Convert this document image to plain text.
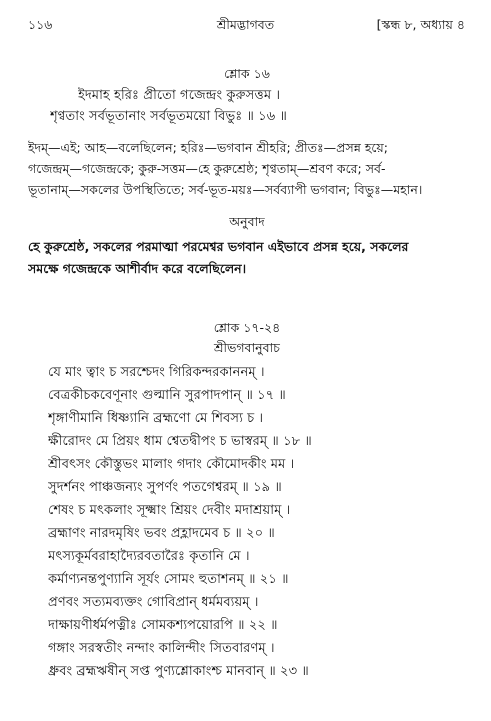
১১৬	শ্রীমদ্ভাগবত	[স্কন্ধ ৮, অধ্যায় ৪
শ্লোক ১৬
ইদমাহ হরিঃ প্রীতো গজেন্দ্রং কুরুসত্তম ।
শৃণ্বতাং সর্বভূতানাং সর্বভূতময়ো বিভুঃ ॥ ১৬ ॥
ইদম্—এই; আহ—বলেছিলেন; হরিঃ—ভগবান শ্রীহরি; প্রীতঃ—প্রসন্ন হয়ে;
গজেন্দ্রম্—গজেন্দ্রকে; কুরু-সত্তম—হে কুরুশ্রেষ্ঠ; শৃণ্বতাম্—শ্রবণ করে; সর্ব-
ভূতানাম্—সকলের উপস্থিতিতে; সর্ব-ভূত-ময়ঃ—সর্বব্যাপী ভগবান; বিভুঃ—মহান।
অনুবাদ
হে কুরুশ্রেষ্ঠ, সকলের পরমাত্মা পরমেশ্বর ভগবান এইভাবে প্রসন্ন হয়ে, সকলের
সমক্ষে গজেন্দ্রকে আশীর্বাদ করে বলেছিলেন।
শ্লোক ১৭-২৪
শ্রীভগবানুবাচ
যে মাং ত্বাং চ সরশ্চেদং গিরিকন্দরকাননম্ ।
বেত্রকীচকবেণূনাং গুল্মানি সুরপাদপান্ ॥ ১৭ ॥
শৃঙ্গাণীমানি ধিষ্ণ্যানি ব্রহ্মণো মে শিবস্য চ ।
ক্ষীরোদং মে প্রিয়ং ধাম শ্বেতদ্বীপং চ ভাস্বরম্ ॥ ১৮ ॥
শ্রীবৎসং কৌস্তুভং মালাং গদাং কৌমোদকীং মম ।
সুদর্শনং পাঞ্চজন্যং সুপর্ণং পতগেশ্বরম্ ॥ ১৯ ॥
শেষং চ মৎকলাং সূক্ষ্মাং শ্রিয়ং দেবীং মদাশ্রয়াম্ ।
ব্রহ্মাণং নারদমৃষিং ভবং প্রহ্লাদমেব চ ॥ ২০ ॥
মৎস্যকূর্মবরাহাদ্যৈরবতারৈঃ কৃতানি মে ।
কর্মাণ্যনন্তপুণ্যানি সূর্যং সোমং হুতাশনম্ ॥ ২১ ॥
প্রণবং সত্যমব্যক্তং গোবিপ্রান্ ধর্মমব্যয়ম্ ।
দাক্ষায়ণীর্ধর্মপত্নীঃ সোমকশ্যপয়োরপি ॥ ২২ ॥
গঙ্গাং সরস্বতীং নন্দাং কালিন্দীং সিতবারণম্ ।
ধ্রুবং ব্রহ্মঋষীন্ সপ্ত পুণ্যশ্লোকাংশ্চ মানবান্ ॥ ২৩ ॥
